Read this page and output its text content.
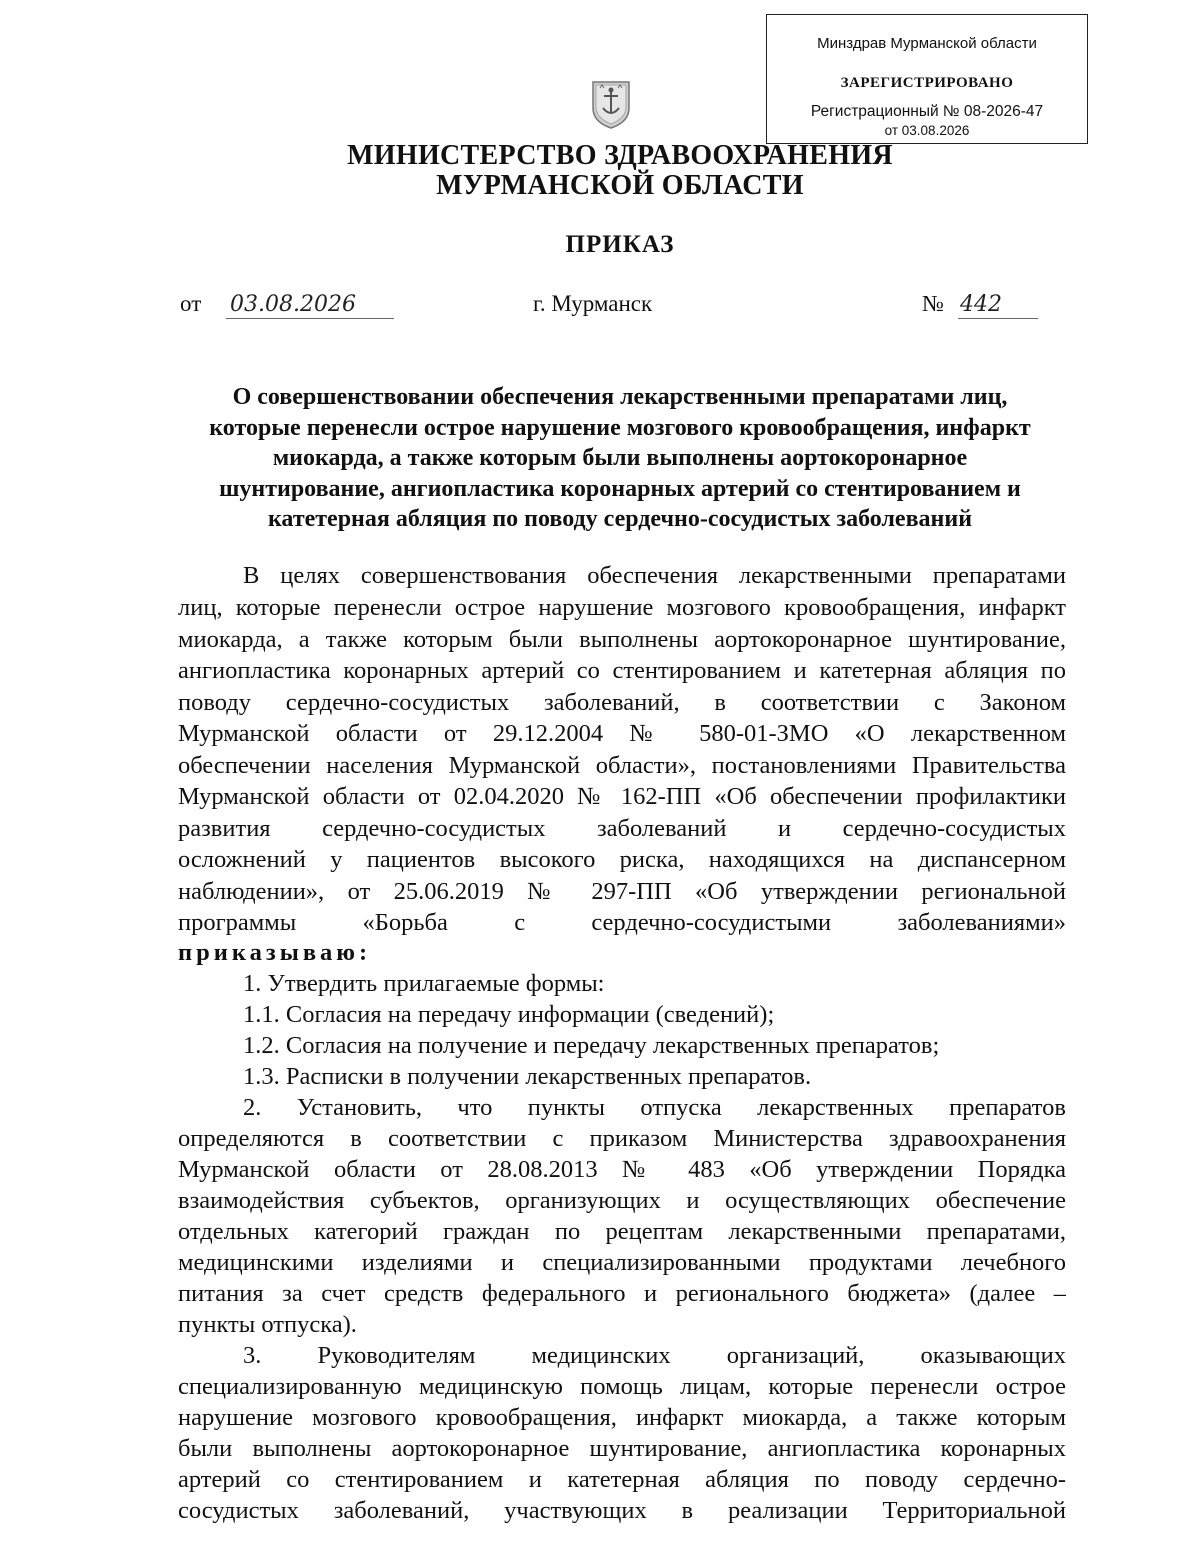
Минздрав Мурманской области
ЗАРЕГИСТРИРОВАНО
Регистрационный № 08-2026-47
от 03.08.2026
МИНИСТЕРСТВО ЗДРАВООХРАНЕНИЯ
МУРМАНСКОЙ ОБЛАСТИ
ПРИКАЗ
от 03.08.2026	г. Мурманск	№ 442
О совершенствовании обеспечения лекарственными препаратами лиц,
которые перенесли острое нарушение мозгового кровообращения, инфаркт
миокарда, а также которым были выполнены аортокоронарное
шунтирование, ангиопластика коронарных артерий со стентированием и
катетерная абляция по поводу сердечно-сосудистых заболеваний
В целях совершенствования обеспечения лекарственными препаратами
лиц, которые перенесли острое нарушение мозгового кровообращения, инфаркт
миокарда, а также которым были выполнены аортокоронарное шунтирование,
ангиопластика коронарных артерий со стентированием и катетерная абляция по
поводу сердечно-сосудистых заболеваний, в соответствии с Законом
Мурманской области от 29.12.2004 № 580-01-ЗМО «О лекарственном
обеспечении населения Мурманской области», постановлениями Правительства
Мурманской области от 02.04.2020 № 162-ПП «Об обеспечении профилактики
развития сердечно-сосудистых заболеваний и сердечно-сосудистых
осложнений у пациентов высокого риска, находящихся на диспансерном
наблюдении», от 25.06.2019 № 297-ПП «Об утверждении региональной
программы «Борьба с сердечно-сосудистыми заболеваниями»
приказываю:
1. Утвердить прилагаемые формы:
1.1. Согласия на передачу информации (сведений);
1.2. Согласия на получение и передачу лекарственных препаратов;
1.3. Расписки в получении лекарственных препаратов.
2. Установить, что пункты отпуска лекарственных препаратов
определяются в соответствии с приказом Министерства здравоохранения
Мурманской области от 28.08.2013 № 483 «Об утверждении Порядка
взаимодействия субъектов, организующих и осуществляющих обеспечение
отдельных категорий граждан по рецептам лекарственными препаратами,
медицинскими изделиями и специализированными продуктами лечебного
питания за счет средств федерального и регионального бюджета» (далее –
пункты отпуска).
3. Руководителям медицинских организаций, оказывающих
специализированную медицинскую помощь лицам, которые перенесли острое
нарушение мозгового кровообращения, инфаркт миокарда, а также которым
были выполнены аортокоронарное шунтирование, ангиопластика коронарных
артерий со стентированием и катетерная абляция по поводу сердечно-
сосудистых заболеваний, участвующих в реализации Территориальной
